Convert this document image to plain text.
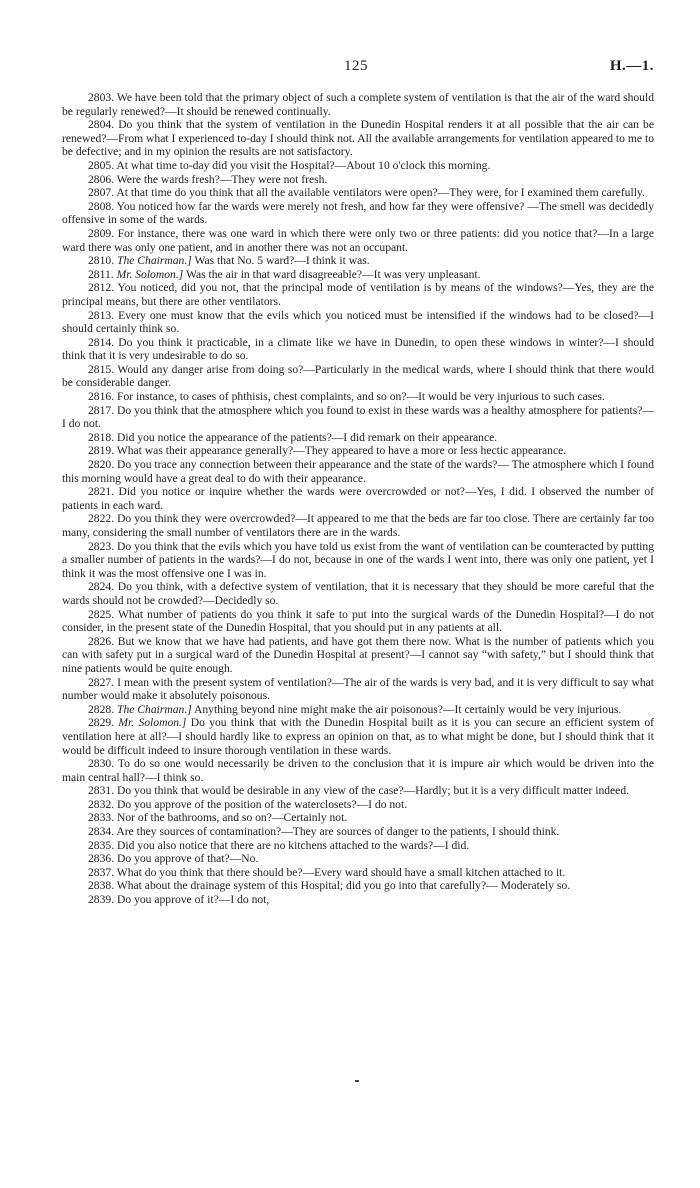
125	H.—1.

2803. We have been told that the primary object of such a complete system of ventilation is that the air of the ward should be regularly renewed?—It should be renewed continually.

2804. Do you think that the system of ventilation in the Dunedin Hospital renders it at all possible that the air can be renewed?—From what I experienced to-day I should think not. All the available arrangements for ventilation appeared to me to be defective; and in my opinion the results are not satisfactory.

2805. At what time to-day did you visit the Hospital?—About 10 o'clock this morning.

2806. Were the wards fresh?—They were not fresh.

2807. At that time do you think that all the available ventilators were open?—They were, for I examined them carefully.

2808. You noticed how far the wards were merely not fresh, and how far they were offensive? —The smell was decidedly offensive in some of the wards.

2809. For instance, there was one ward in which there were only two or three patients: did you notice that?—In a large ward there was only one patient, and in another there was not an occupant.

2810. The Chairman.] Was that No. 5 ward?—I think it was.

2811. Mr. Solomon.] Was the air in that ward disagreeable?—It was very unpleasant.

2812. You noticed, did you not, that the principal mode of ventilation is by means of the windows?—Yes, they are the principal means, but there are other ventilators.

2813. Every one must know that the evils which you noticed must be intensified if the windows had to be closed?—I should certainly think so.

2814. Do you think it practicable, in a climate like we have in Dunedin, to open these windows in winter?—I should think that it is very undesirable to do so.

2815. Would any danger arise from doing so?—Particularly in the medical wards, where I should think that there would be considerable danger.

2816. For instance, to cases of phthisis, chest complaints, and so on?—It would be very injurious to such cases.

2817. Do you think that the atmosphere which you found to exist in these wards was a healthy atmosphere for patients?—I do not.

2818. Did you notice the appearance of the patients?—I did remark on their appearance.

2819. What was their appearance generally?—They appeared to have a more or less hectic appearance.

2820. Do you trace any connection between their appearance and the state of the wards?— The atmosphere which I found this morning would have a great deal to do with their appearance.

2821. Did you notice or inquire whether the wards were overcrowded or not?—Yes, I did. I observed the number of patients in each ward.

2822. Do you think they were overcrowded?—It appeared to me that the beds are far too close. There are certainly far too many, considering the small number of ventilators there are in the wards.

2823. Do you think that the evils which you have told us exist from the want of ventilation can be counteracted by putting a smaller number of patients in the wards?—I do not, because in one of the wards I went into, there was only one patient, yet I think it was the most offensive one I was in.

2824. Do you think, with a defective system of ventilation, that it is necessary that they should be more careful that the wards should not be crowded?—Decidedly so.

2825. What number of patients do you think it safe to put into the surgical wards of the Dunedin Hospital?—I do not consider, in the present state of the Dunedin Hospital, that you should put in any patients at all.

2826. But we know that we have had patients, and have got them there now. What is the number of patients which you can with safety put in a surgical ward of the Dunedin Hospital at present?—I cannot say “with safety,” but I should think that nine patients would be quite enough.

2827. I mean with the present system of ventilation?—The air of the wards is very bad, and it is very difficult to say what number would make it absolutely poisonous.

2828. The Chairman.] Anything beyond nine might make the air poisonous?—It certainly would be very injurious.

2829. Mr. Solomon.] Do you think that with the Dunedin Hospital built as it is you can secure an efficient system of ventilation here at all?—I should hardly like to express an opinion on that, as to what might be done, but I should think that it would be difficult indeed to insure thorough ventilation in these wards.

2830. To do so one would necessarily be driven to the conclusion that it is impure air which would be driven into the main central hall?—I think so.

2831. Do you think that would be desirable in any view of the case?—Hardly; but it is a very difficult matter indeed.

2832. Do you approve of the position of the waterclosets?—I do not.

2833. Nor of the bathrooms, and so on?—Certainly not.

2834. Are they sources of contamination?—They are sources of danger to the patients, I should think.

2835. Did you also notice that there are no kitchens attached to the wards?—I did.

2836. Do you approve of that?—No.

2837. What do you think that there should be?—Every ward should have a small kitchen attached to it.

2838. What about the drainage system of this Hospital; did you go into that carefully?— Moderately so.

2839. Do you approve of it?—I do not,
